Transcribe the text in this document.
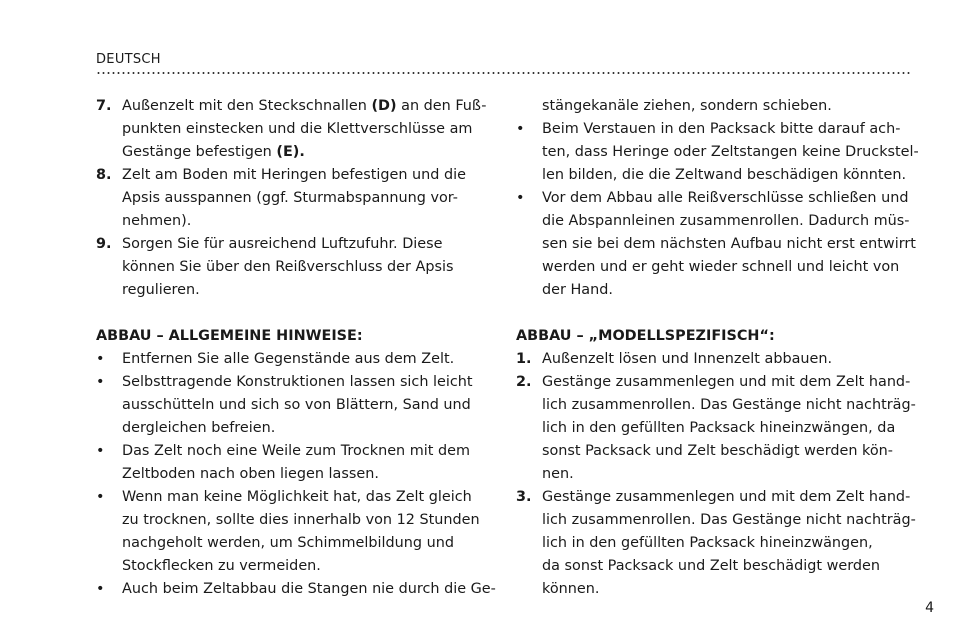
DEUTSCH
7. Außenzelt mit den Steckschnallen (D) an den Fuß-
punkten einstecken und die Klettverschlüsse am
Gestänge befestigen (E).
8. Zelt am Boden mit Heringen befestigen und die
Apsis ausspannen (ggf. Sturmabspannung vor-
nehmen).
9. Sorgen Sie für ausreichend Luftzufuhr. Diese
können Sie über den Reißverschluss der Apsis
regulieren.
ABBAU – ALLGEMEINE HINWEISE:
•	Entfernen Sie alle Gegenstände aus dem Zelt.
•	Selbsttragende Konstruktionen lassen sich leicht
ausschütteln und sich so von Blättern, Sand und
dergleichen befreien.
•	Das Zelt noch eine Weile zum Trocknen mit dem
Zeltboden nach oben liegen lassen.
•	Wenn man keine Möglichkeit hat, das Zelt gleich
zu trocknen, sollte dies innerhalb von 12 Stunden
nachgeholt werden, um Schimmelbildung und
Stockflecken zu vermeiden.
•	Auch beim Zeltabbau die Stangen nie durch die Ge-
stängekanäle ziehen, sondern schieben.
•	Beim Verstauen in den Packsack bitte darauf ach-
ten, dass Heringe oder Zeltstangen keine Druckstel-
len bilden, die die Zeltwand beschädigen könnten.
•	Vor dem Abbau alle Reißverschlüsse schließen und
die Abspannleinen zusammenrollen. Dadurch müs-
sen sie bei dem nächsten Aufbau nicht erst entwirrt
werden und er geht wieder schnell und leicht von
der Hand.
ABBAU – „MODELLSPEZIFISCH“:
1. Außenzelt lösen und Innenzelt abbauen.
2. Gestänge zusammenlegen und mit dem Zelt hand-
lich zusammenrollen. Das Gestänge nicht nachträg-
lich in den gefüllten Packsack hineinzwängen, da
sonst Packsack und Zelt beschädigt werden kön-
nen.
3. Gestänge zusammenlegen und mit dem Zelt hand-
lich zusammenrollen. Das Gestänge nicht nachträg-
lich in den gefüllten Packsack hineinzwängen,
da sonst Packsack und Zelt beschädigt werden
können.
4
